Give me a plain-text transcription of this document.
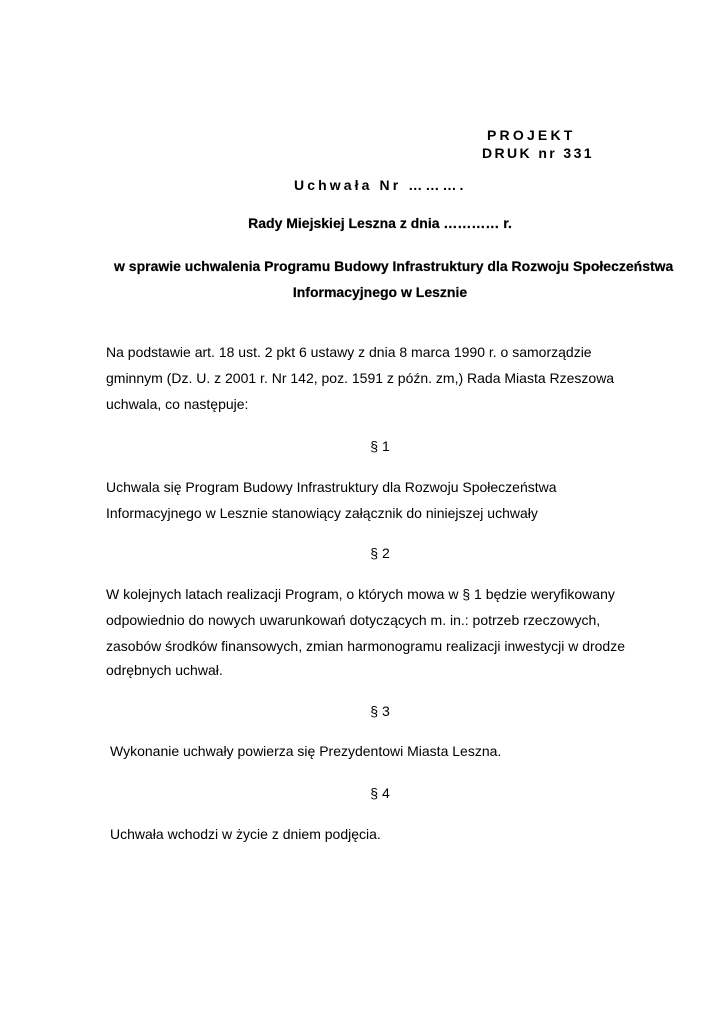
PROJEKT
DRUK nr 331
Uchwała Nr ……….
Rady Miejskiej Leszna z dnia ………… r.
w sprawie uchwalenia Programu Budowy Infrastruktury dla Rozwoju Społeczeństwa
Informacyjnego w Lesznie
Na podstawie art. 18 ust. 2 pkt 6 ustawy z dnia 8 marca 1990 r. o samorządzie
gminnym (Dz. U. z 2001 r. Nr 142, poz. 1591 z późn. zm,) Rada Miasta Rzeszowa
uchwala, co następuje:
§ 1
Uchwala się Program Budowy Infrastruktury dla Rozwoju Społeczeństwa
Informacyjnego w Lesznie stanowiący załącznik do niniejszej uchwały
§ 2
W kolejnych latach realizacji Program, o których mowa w § 1 będzie weryfikowany
odpowiednio do nowych uwarunkowań dotyczących m. in.: potrzeb rzeczowych,
zasobów środków finansowych, zmian harmonogramu realizacji inwestycji w drodze
odrębnych uchwał.
§ 3
Wykonanie uchwały powierza się Prezydentowi Miasta Leszna.
§ 4
Uchwała wchodzi w życie z dniem podjęcia.
